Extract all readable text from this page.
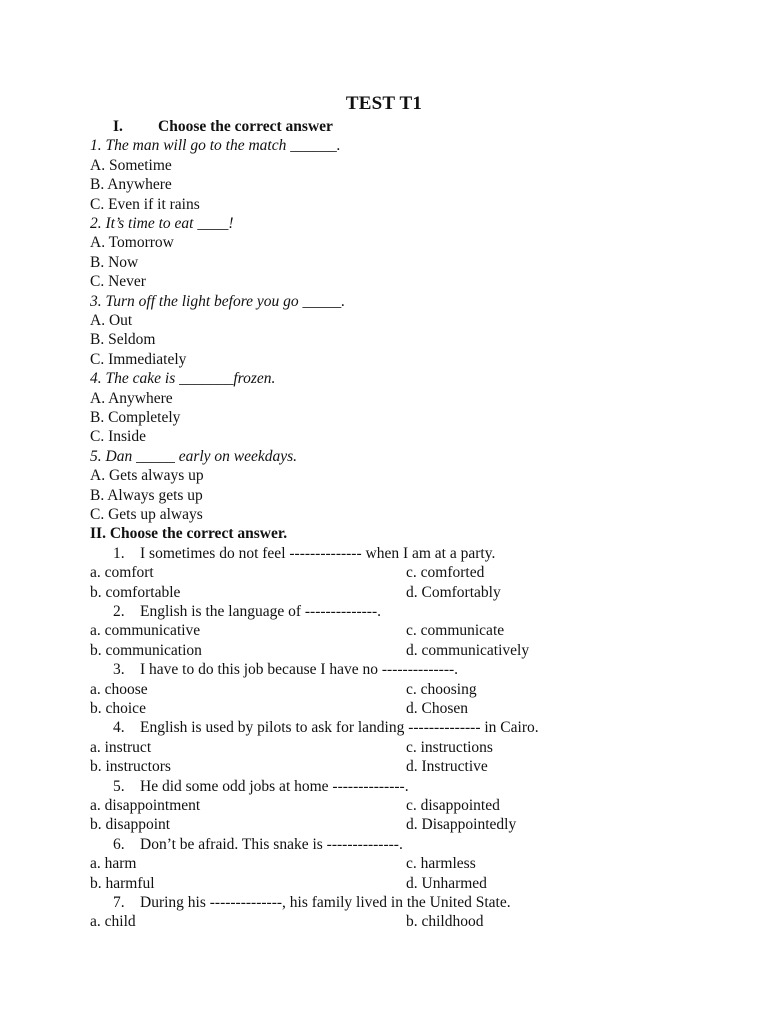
TEST T1
I. Choose the correct answer
1. The man will go to the match ______.
A. Sometime
B. Anywhere
C. Even if it rains
2. It’s time to eat ____!
A. Tomorrow
B. Now
C. Never
3. Turn off the light before you go _____.
A. Out
B. Seldom
C. Immediately
4. The cake is _______frozen.
A. Anywhere
B. Completely
C. Inside
5. Dan _____ early on weekdays.
A. Gets always up
B. Always gets up
C. Gets up always
II. Choose the correct answer.
1. I sometimes do not feel -------------- when I am at a party.
a. comfort	c. comforted
b. comfortable	d. Comfortably
2. English is the language of --------------.
a. communicative	c. communicate
b. communication	d. communicatively
3. I have to do this job because I have no --------------.
a. choose	c. choosing
b. choice	d. Chosen
4. English is used by pilots to ask for landing -------------- in Cairo.
a. instruct	c. instructions
b. instructors	d. Instructive
5. He did some odd jobs at home --------------.
a. disappointment	c. disappointed
b. disappoint	d. Disappointedly
6. Don’t be afraid. This snake is --------------.
a. harm	c. harmless
b. harmful	d. Unharmed
7. During his --------------, his family lived in the United State.
a. child	b. childhood
